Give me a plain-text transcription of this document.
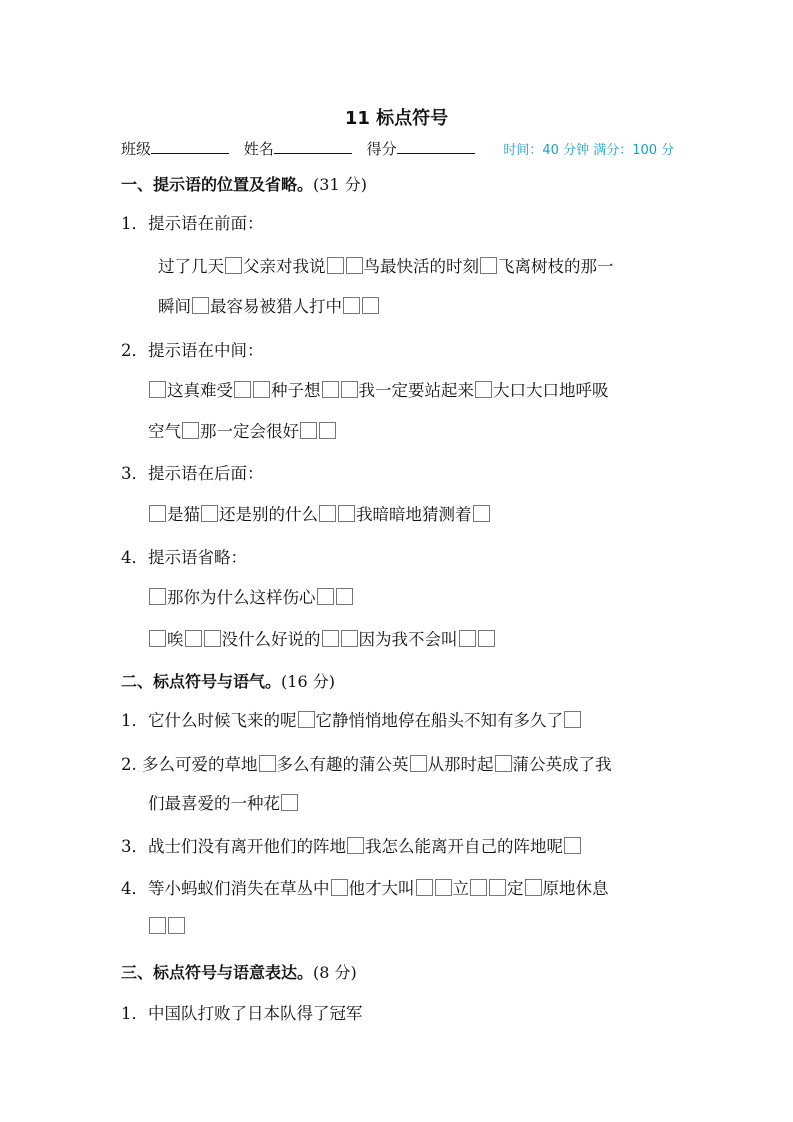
11 标点符号
班级	姓名	得分	时间：40 分钟 满分：100 分
一、提示语的位置及省略。(31 分)
1．提示语在前面：
过了几天 父亲对我说 鸟最快活的时刻 飞离树枝的那一
瞬间 最容易被猎人打中
2．提示语在中间：
这真难受 种子想 我一定要站起来 大口大口地呼吸
空气 那一定会很好
3．提示语在后面：
是猫 还是别的什么 我暗暗地猜测着
4．提示语省略：
那你为什么这样伤心
唉 没什么好说的 因为我不会叫
二、标点符号与语气。(16 分)
1．它什么时候飞来的呢 它静悄悄地停在船头不知有多久了
2. 多么可爱的草地 多么有趣的蒲公英 从那时起 蒲公英成了我
们最喜爱的一种花
3．战士们没有离开他们的阵地 我怎么能离开自己的阵地呢
4．等小蚂蚁们消失在草丛中 他才大叫 立 定 原地休息
三、标点符号与语意表达。(8 分)
1．中国队打败了日本队得了冠军
